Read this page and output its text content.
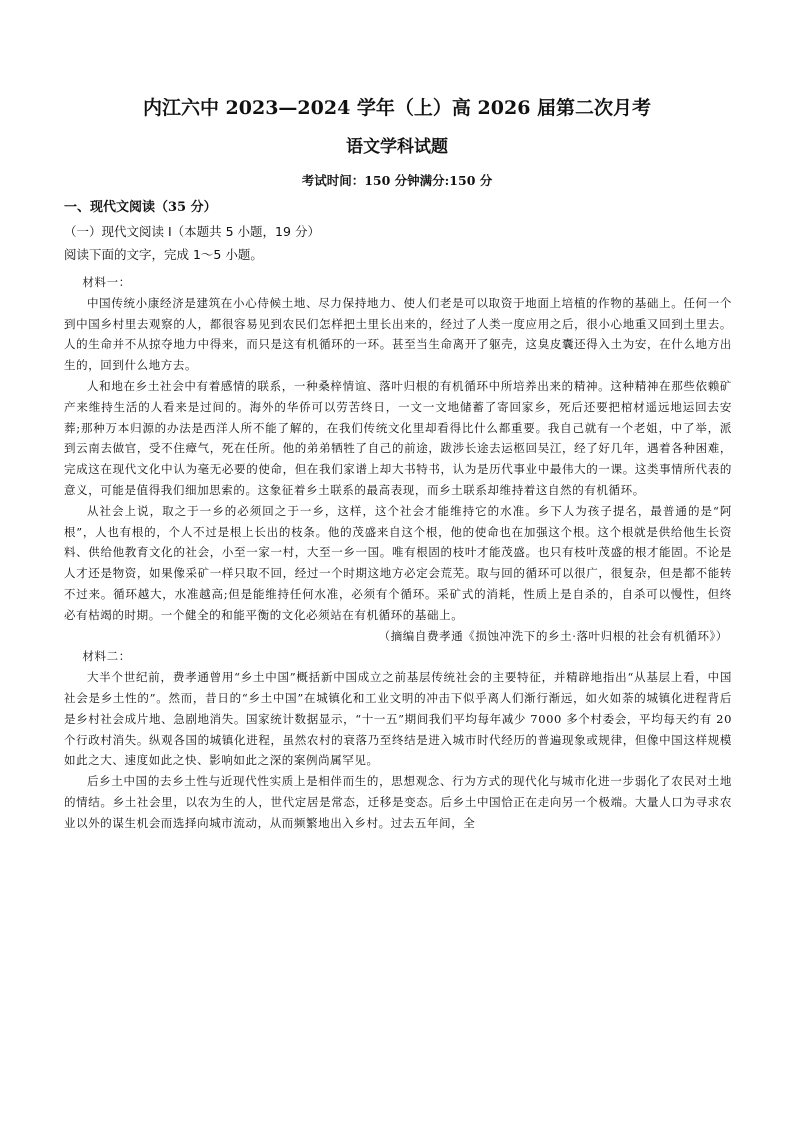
内江六中 2023—2024 学年（上）高 2026 届第二次月考
语文学科试题
考试时间：150 分钟满分:150 分
一、现代文阅读（35 分）
（一）现代文阅读 I（本题共 5 小题，19 分）
阅读下面的文字，完成 1～5 小题。

材料一：

中国传统小康经济是建筑在小心侍候土地、尽力保持地力、使人们老是可以取资于地面上培植的作物的基础上。任何一个到中国乡村里去观察的人，都很容易见到农民们怎样把土里长出来的，经过了人类一度应用之后，很小心地重又回到土里去。人的生命并不从掠夺地力中得来，而只是这有机循环的一环。甚至当生命离开了躯壳，这臭皮囊还得入土为安，在什么地方出生的，回到什么地方去。

人和地在乡土社会中有着感情的联系，一种桑梓情谊、落叶归根的有机循环中所培养出来的精神。这种精神在那些依赖矿产来维持生活的人看来是过间的。海外的华侨可以劳苦终日，一文一文地储蓄了寄回家乡，死后还要把棺材遥远地运回去安葬;那种万本归源的办法是西洋人所不能了解的，在我们传统文化里却看得比什么都重要。我自己就有一个老姐，中了举，派到云南去做官，受不住瘴气，死在任所。他的弟弟牺牲了自己的前途，跋涉长途去运柩回吴江，经了好几年，遇着各种困难，完成这在现代文化中认为毫无必要的使命，但在我们家谱上却大书特书，认为是历代事业中最伟大的一课。这类事情所代表的意义，可能是值得我们细加思索的。这象征着乡土联系的最高表现，而乡土联系却维持着这自然的有机循环。

从社会上说，取之于一乡的必须回之于一乡，这样，这个社会才能维持它的水准。乡下人为孩子提名，最普通的是“阿根”，人也有根的，个人不过是根上长出的枝条。他的茂盛来自这个根，他的使命也在加强这个根。这个根就是供给他生长资料、供给他教育文化的社会，小至一家一村，大至一乡一国。唯有根固的枝叶才能茂盛。也只有枝叶茂盛的根才能固。不论是人才还是物资，如果像采矿一样只取不回，经过一个时期这地方必定会荒芜。取与回的循环可以很广，很复杂，但是都不能转不过来。循环越大，水准越高;但是能维持任何水准，必须有个循环。采矿式的消耗，性质上是自杀的，自杀可以慢性，但终必有枯竭的时期。一个健全的和能平衡的文化必须站在有机循环的基础上。

（摘编自费孝通《损蚀冲洗下的乡土·落叶归根的社会有机循环》）

材料二：

大半个世纪前，费孝通曾用“乡土中国”概括新中国成立之前基层传统社会的主要特征，并精辟地指出“从基层上看，中国社会是乡土性的”。然而，昔日的“乡土中国”在城镇化和工业文明的冲击下似乎离人们渐行渐远，如火如荼的城镇化进程背后是乡村社会成片地、急剧地消失。国家统计数据显示，“十一五”期间我们平均每年减少 7000 多个村委会，平均每天约有 20 个行政村消失。纵观各国的城镇化进程，虽然农村的衰落乃至终结是进入城市时代经历的普遍现象或规律，但像中国这样规模如此之大、速度如此之快、影响如此之深的案例尚属罕见。

后乡土中国的去乡土性与近现代性实质上是相伴而生的，思想观念、行为方式的现代化与城市化进一步弱化了农民对土地的情结。乡土社会里，以农为生的人，世代定居是常态，迁移是变态。后乡土中国恰正在走向另一个极端。大量人口为寻求农业以外的谋生机会而选择向城市流动，从而频繁地出入乡村。过去五年间，全
